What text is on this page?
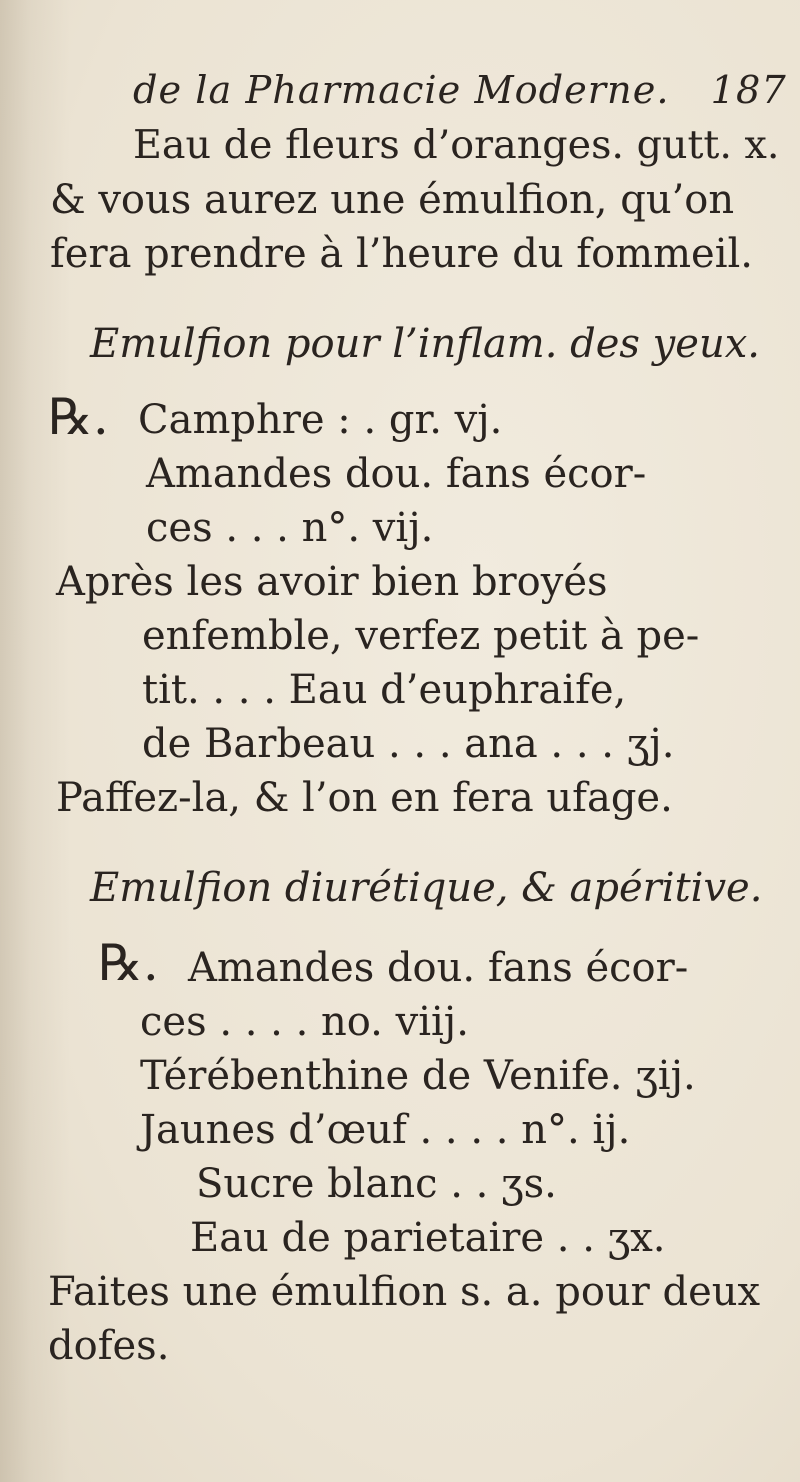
de la Pharmacie Moderne. 187
Eau de fleurs d’oranges. gutt. x.
& vous aurez une émulfion, qu’on
fera prendre à l’heure du fommeil.
Emulfion pour l’inflam. des yeux.
℞. Camphre : . gr. vj.
Amandes dou. fans écor-
ces . . . n°. vij.
Après les avoir bien broyés
enfemble, verfez petit à pe-
tit. . . . Eau d’euphraife,
de Barbeau . . . ana . . . ʒj.
Paffez-la, & l’on en fera ufage.
Emulfion diurétique, & apéritive.
℞. Amandes dou. fans écor-
ces . . . . no. viij.
Térébenthine de Venife. ʒij.
Jaunes d’œuf . . . . n°. ij.
Sucre blanc . . ʒs.
Eau de parietaire . . ʒx.
Faites une émulfion s. a. pour deux
dofes.
